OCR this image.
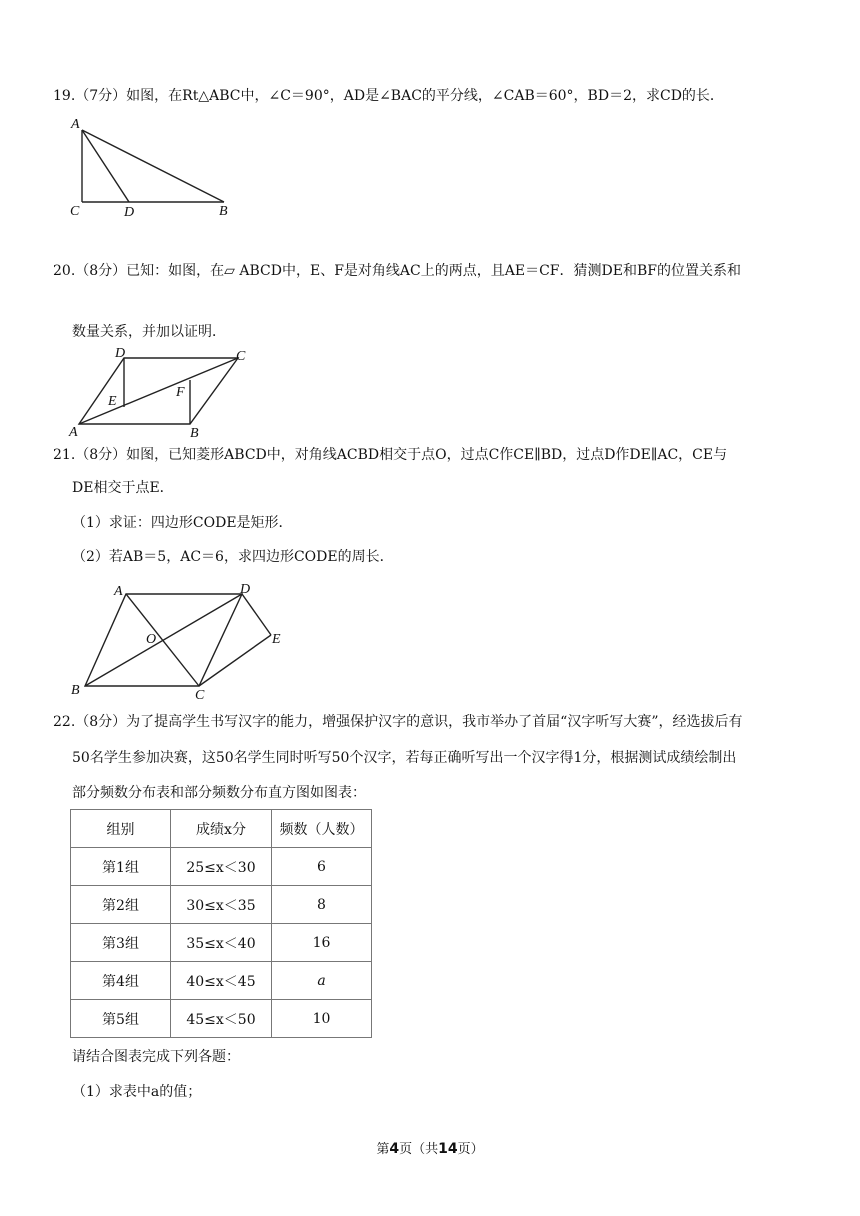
19.（7分）如图，在Rt△ABC中，∠C＝90°，AD是∠BAC的平分线，∠CAB＝60°，BD＝2，求CD的长．
A
C	D	B
20.（8分）已知：如图，在▱ ABCD中，E、F是对角线AC上的两点，且AE＝CF．猜测DE和BF的位置关系和
数量关系，并加以证明．
D	C
E
F
A	B
21.（8分）如图，已知菱形ABCD中，对角线ACBD相交于点O，过点C作CE∥BD，过点D作DE∥AC，CE与
DE相交于点E．
（1）求证：四边形CODE是矩形．
（2）若AB＝5，AC＝6，求四边形CODE的周长．
A	D
O	E
B	C
22.（8分）为了提高学生书写汉字的能力，增强保护汉字的意识，我市举办了首届“汉字听写大赛”，经选拔后有
50名学生参加决赛，这50名学生同时听写50个汉字，若每正确听写出一个汉字得1分，根据测试成绩绘制出
部分频数分布表和部分频数分布直方图如图表：
组别	成绩x分	频数（人数）
第1组	25≤x＜30	6
第2组	30≤x＜35	8
第3组	35≤x＜40	16
第4组	40≤x＜45	a
第5组	45≤x＜50	10
请结合图表完成下列各题：
（1）求表中a的值；
第4页（共14页）
